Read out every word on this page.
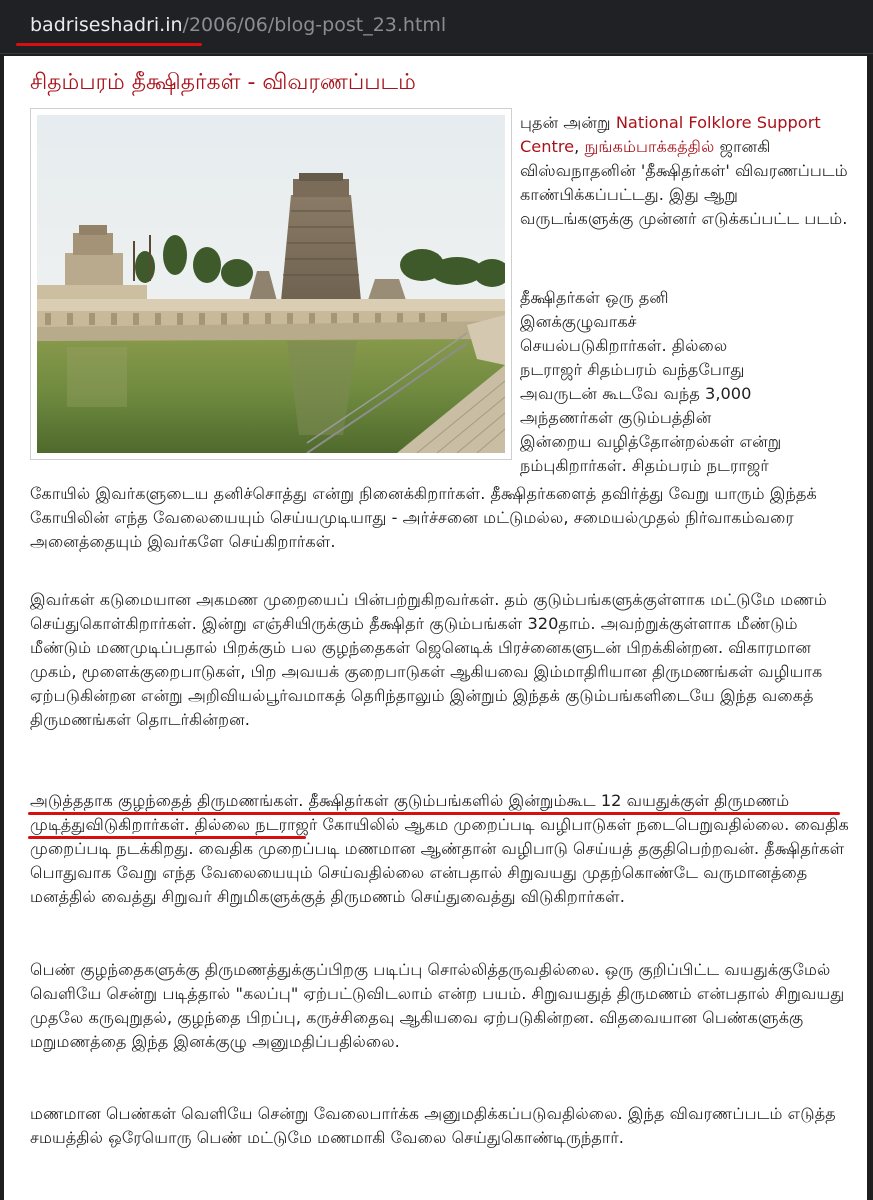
badriseshadri.in/2006/06/blog-post_23.html
சிதம்பரம் தீக்ஷிதர்கள் - விவரணப்படம்

புதன் அன்று National Folklore Support Centre, நுங்கம்பாக்கத்தில் ஜானகி விஸ்வநாதனின் 'தீக்ஷிதர்கள்' விவரணப்படம் காண்பிக்கப்பட்டது. இது ஆறு வருடங்களுக்கு முன்னர் எடுக்கப்பட்ட படம்.

தீக்ஷிதர்கள் ஒரு தனி
இனக்குழுவாகச்
செயல்படுகிறார்கள். தில்லை
நடராஜர் சிதம்பரம் வந்தபோது
அவருடன் கூடவே வந்த 3,000
அந்தணர்கள் குடும்பத்தின்
இன்றைய வழித்தோன்றல்கள் என்று
நம்புகிறார்கள். சிதம்பரம் நடராஜர்

கோயில் இவர்களுடைய தனிச்சொத்து என்று நினைக்கிறார்கள். தீக்ஷிதர்களைத் தவிர்த்து வேறு யாரும் இந்தக் கோயிலின் எந்த வேலையையும் செய்யமுடியாது - அர்ச்சனை மட்டுமல்ல, சமையல்முதல் நிர்வாகம்வரை அனைத்தையும் இவர்களே செய்கிறார்கள்.

இவர்கள் கடுமையான அகமண முறையைப் பின்பற்றுகிறவர்கள். தம் குடும்பங்களுக்குள்ளாக மட்டுமே மணம் செய்துகொள்கிறார்கள். இன்று எஞ்சியிருக்கும் தீக்ஷிதர் குடும்பங்கள் 320தாம். அவற்றுக்குள்ளாக மீண்டும் மீண்டும் மணமுடிப்பதால் பிறக்கும் பல குழந்தைகள் ஜெனெடிக் பிரச்னைகளுடன் பிறக்கின்றன. விகாரமான முகம், மூளைக்குறைபாடுகள், பிற அவயக் குறைபாடுகள் ஆகியவை இம்மாதிரியான திருமணங்கள் வழியாக ஏற்படுகின்றன என்று அறிவியல்பூர்வமாகத் தெரிந்தாலும் இன்றும் இந்தக் குடும்பங்களிடையே இந்த வகைத் திருமணங்கள் தொடர்கின்றன.

அடுத்ததாக குழந்தைத் திருமணங்கள். தீக்ஷிதர்கள் குடும்பங்களில் இன்றும்கூட 12 வயதுக்குள் திருமணம் முடித்துவிடுகிறார்கள். தில்லை நடராஜர் கோயிலில் ஆகம முறைப்படி வழிபாடுகள் நடைபெறுவதில்லை. வைதிக முறைப்படி நடக்கிறது. வைதிக முறைப்படி மணமான ஆண்தான் வழிபாடு செய்யத் தகுதிபெற்றவன். தீக்ஷிதர்கள் பொதுவாக வேறு எந்த வேலையையும் செய்வதில்லை என்பதால் சிறுவயது முதற்கொண்டே வருமானத்தை மனத்தில் வைத்து சிறுவர் சிறுமிகளுக்குத் திருமணம் செய்துவைத்து விடுகிறார்கள்.

பெண் குழந்தைகளுக்கு திருமணத்துக்குப்பிறகு படிப்பு சொல்லித்தருவதில்லை. ஒரு குறிப்பிட்ட வயதுக்குமேல் வெளியே சென்று படித்தால் "கலப்பு" ஏற்பட்டுவிடலாம் என்ற பயம். சிறுவயதுத் திருமணம் என்பதால் சிறுவயது முதலே கருவுறுதல், குழந்தை பிறப்பு, கருச்சிதைவு ஆகியவை ஏற்படுகின்றன. விதவையான பெண்களுக்கு மறுமணத்தை இந்த இனக்குழு அனுமதிப்பதில்லை.

மணமான பெண்கள் வெளியே சென்று வேலைபார்க்க அனுமதிக்கப்படுவதில்லை. இந்த விவரணப்படம் எடுத்த சமயத்தில் ஒரேயொரு பெண் மட்டுமே மணமாகி வேலை செய்துகொண்டிருந்தார்.
